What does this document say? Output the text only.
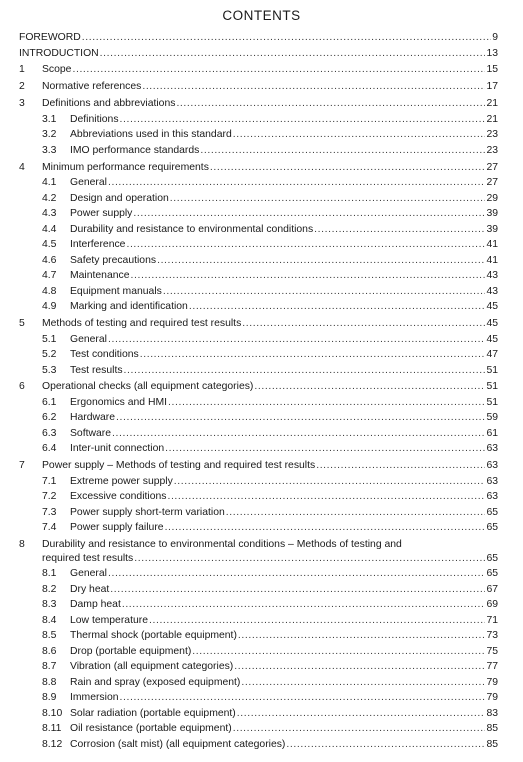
CONTENTS
FOREWORD .....	9
INTRODUCTION .....	13
1 Scope .....	15
2 Normative references .....	17
3 Definitions and abbreviations .....	21
3.1 Definitions .....	21
3.2 Abbreviations used in this standard .....	23
3.3 IMO performance standards .....	23
4 Minimum performance requirements .....	27
4.1 General .....	27
4.2 Design and operation .....	29
4.3 Power supply .....	39
4.4 Durability and resistance to environmental conditions .....	39
4.5 Interference .....	41
4.6 Safety precautions .....	41
4.7 Maintenance .....	43
4.8 Equipment manuals .....	43
4.9 Marking and identification .....	45
5 Methods of testing and required test results .....	45
5.1 General .....	45
5.2 Test conditions .....	47
5.3 Test results .....	51
6 Operational checks (all equipment categories) .....	51
6.1 Ergonomics and HMI .....	51
6.2 Hardware .....	59
6.3 Software .....	61
6.4 Inter-unit connection .....	63
7 Power supply – Methods of testing and required test results .....	63
7.1 Extreme power supply .....	63
7.2 Excessive conditions .....	63
7.3 Power supply short-term variation .....	65
7.4 Power supply failure .....	65
8 Durability and resistance to environmental conditions – Methods of testing and
required test results .....	65
8.1 General .....	65
8.2 Dry heat .....	67
8.3 Damp heat .....	69
8.4 Low temperature .....	71
8.5 Thermal shock (portable equipment) .....	73
8.6 Drop (portable equipment) .....	75
8.7 Vibration (all equipment categories) .....	77
8.8 Rain and spray (exposed equipment) .....	79
8.9 Immersion .....	79
8.10 Solar radiation (portable equipment) .....	83
8.11 Oil resistance (portable equipment) .....	85
8.12 Corrosion (salt mist) (all equipment categories) .....	85
